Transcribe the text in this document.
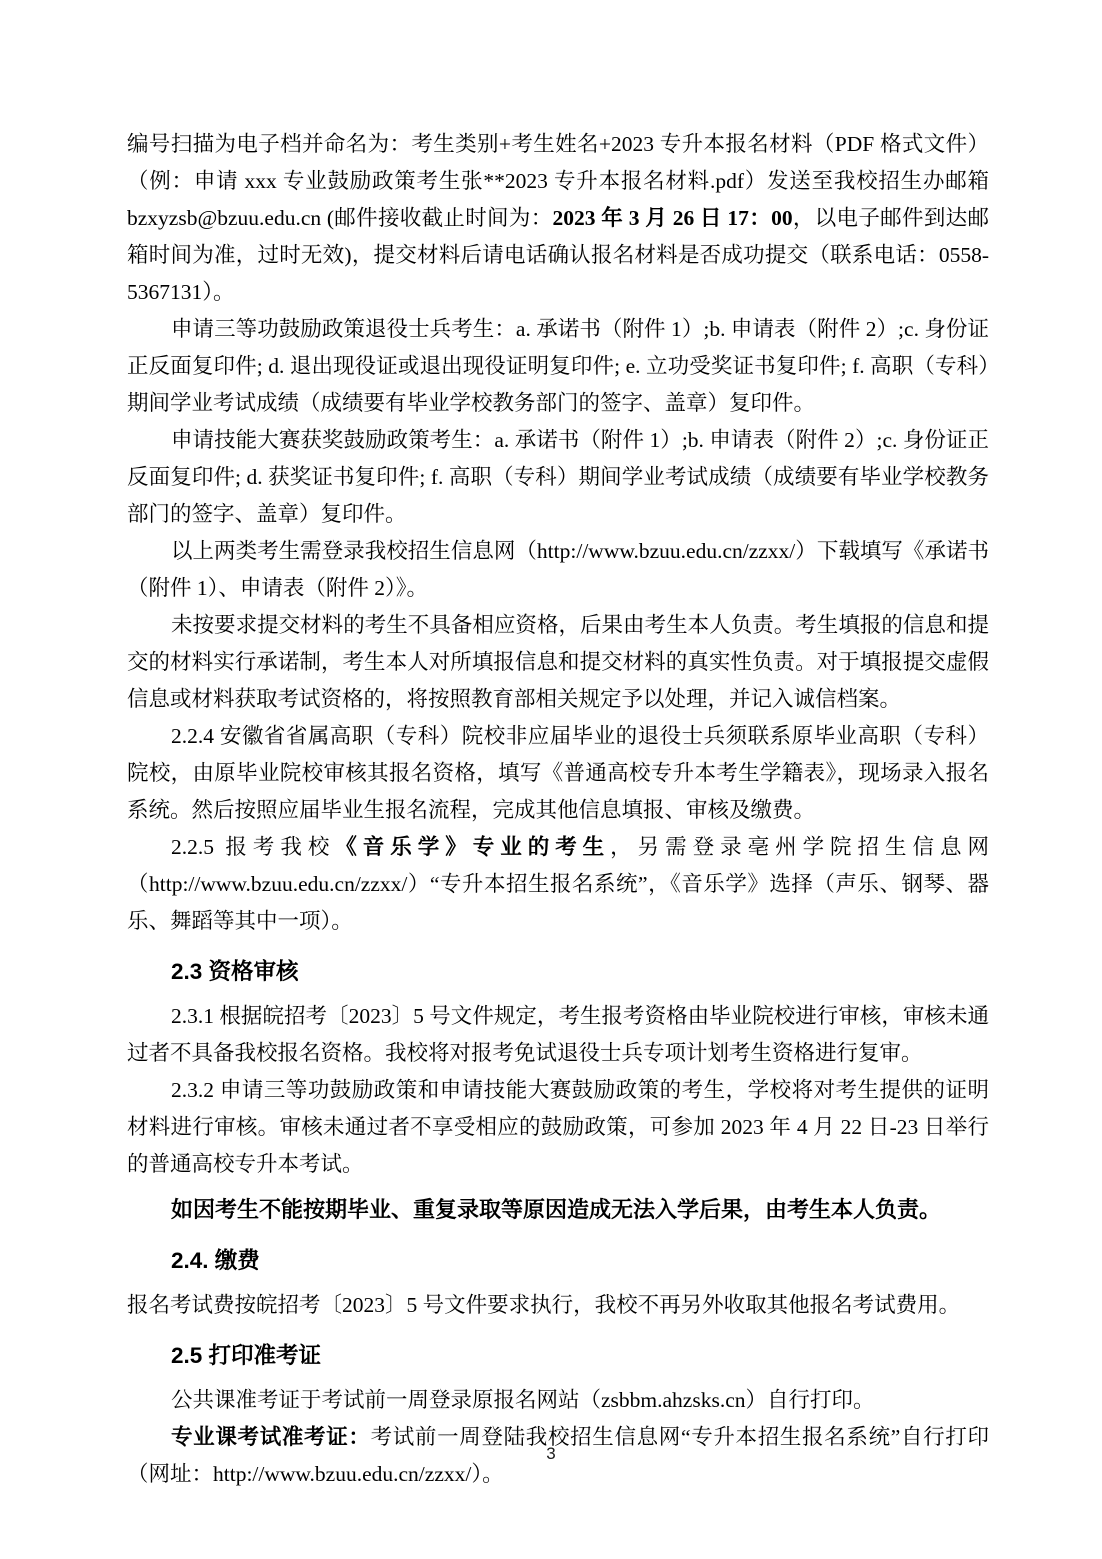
编号扫描为电子档并命名为：考生类别+考生姓名+2023 专升本报名材料（PDF 格式文件）（例：申请 xxx 专业鼓励政策考生张**2023 专升本报名材料.pdf）发送至我校招生办邮箱 bzxyzsb@bzuu.edu.cn (邮件接收截止时间为：2023 年 3 月 26 日 17：00，以电子邮件到达邮箱时间为准，过时无效)，提交材料后请电话确认报名材料是否成功提交（联系电话：0558-5367131）。

申请三等功鼓励政策退役士兵考生：a. 承诺书（附件 1）;b. 申请表（附件 2）;c. 身份证正反面复印件; d. 退出现役证或退出现役证明复印件; e. 立功受奖证书复印件; f. 高职（专科）期间学业考试成绩（成绩要有毕业学校教务部门的签字、盖章）复印件。

申请技能大赛获奖鼓励政策考生：a. 承诺书（附件 1）;b. 申请表（附件 2）;c. 身份证正反面复印件; d. 获奖证书复印件; f. 高职（专科）期间学业考试成绩（成绩要有毕业学校教务部门的签字、盖章）复印件。

以上两类考生需登录我校招生信息网（http://www.bzuu.edu.cn/zzxx/）下载填写《承诺书（附件 1）、申请表（附件 2）》。

未按要求提交材料的考生不具备相应资格，后果由考生本人负责。考生填报的信息和提交的材料实行承诺制，考生本人对所填报信息和提交材料的真实性负责。对于填报提交虚假信息或材料获取考试资格的，将按照教育部相关规定予以处理，并记入诚信档案。

2.2.4 安徽省省属高职（专科）院校非应届毕业的退役士兵须联系原毕业高职（专科）院校，由原毕业院校审核其报名资格，填写《普通高校专升本考生学籍表》，现场录入报名系统。然后按照应届毕业生报名流程，完成其他信息填报、审核及缴费。

2.2.5 报考我校《音乐学》专业的考生，另需登录亳州学院招生信息网（http://www.bzuu.edu.cn/zzxx/）“专升本招生报名系统”，《音乐学》选择（声乐、钢琴、器乐、舞蹈等其中一项）。

2.3 资格审核

2.3.1 根据皖招考〔2023〕5 号文件规定，考生报考资格由毕业院校进行审核，审核未通过者不具备我校报名资格。我校将对报考免试退役士兵专项计划考生资格进行复审。

2.3.2 申请三等功鼓励政策和申请技能大赛鼓励政策的考生，学校将对考生提供的证明材料进行审核。审核未通过者不享受相应的鼓励政策，可参加 2023 年 4 月 22 日-23 日举行的普通高校专升本考试。

如因考生不能按期毕业、重复录取等原因造成无法入学后果，由考生本人负责。

2.4. 缴费

报名考试费按皖招考〔2023〕5 号文件要求执行，我校不再另外收取其他报名考试费用。

2.5 打印准考证

公共课准考证于考试前一周登录原报名网站（zsbbm.ahzsks.cn）自行打印。

专业课考试准考证：考试前一周登陆我校招生信息网“专升本招生报名系统”自行打印（网址：http://www.bzuu.edu.cn/zzxx/）。

3
